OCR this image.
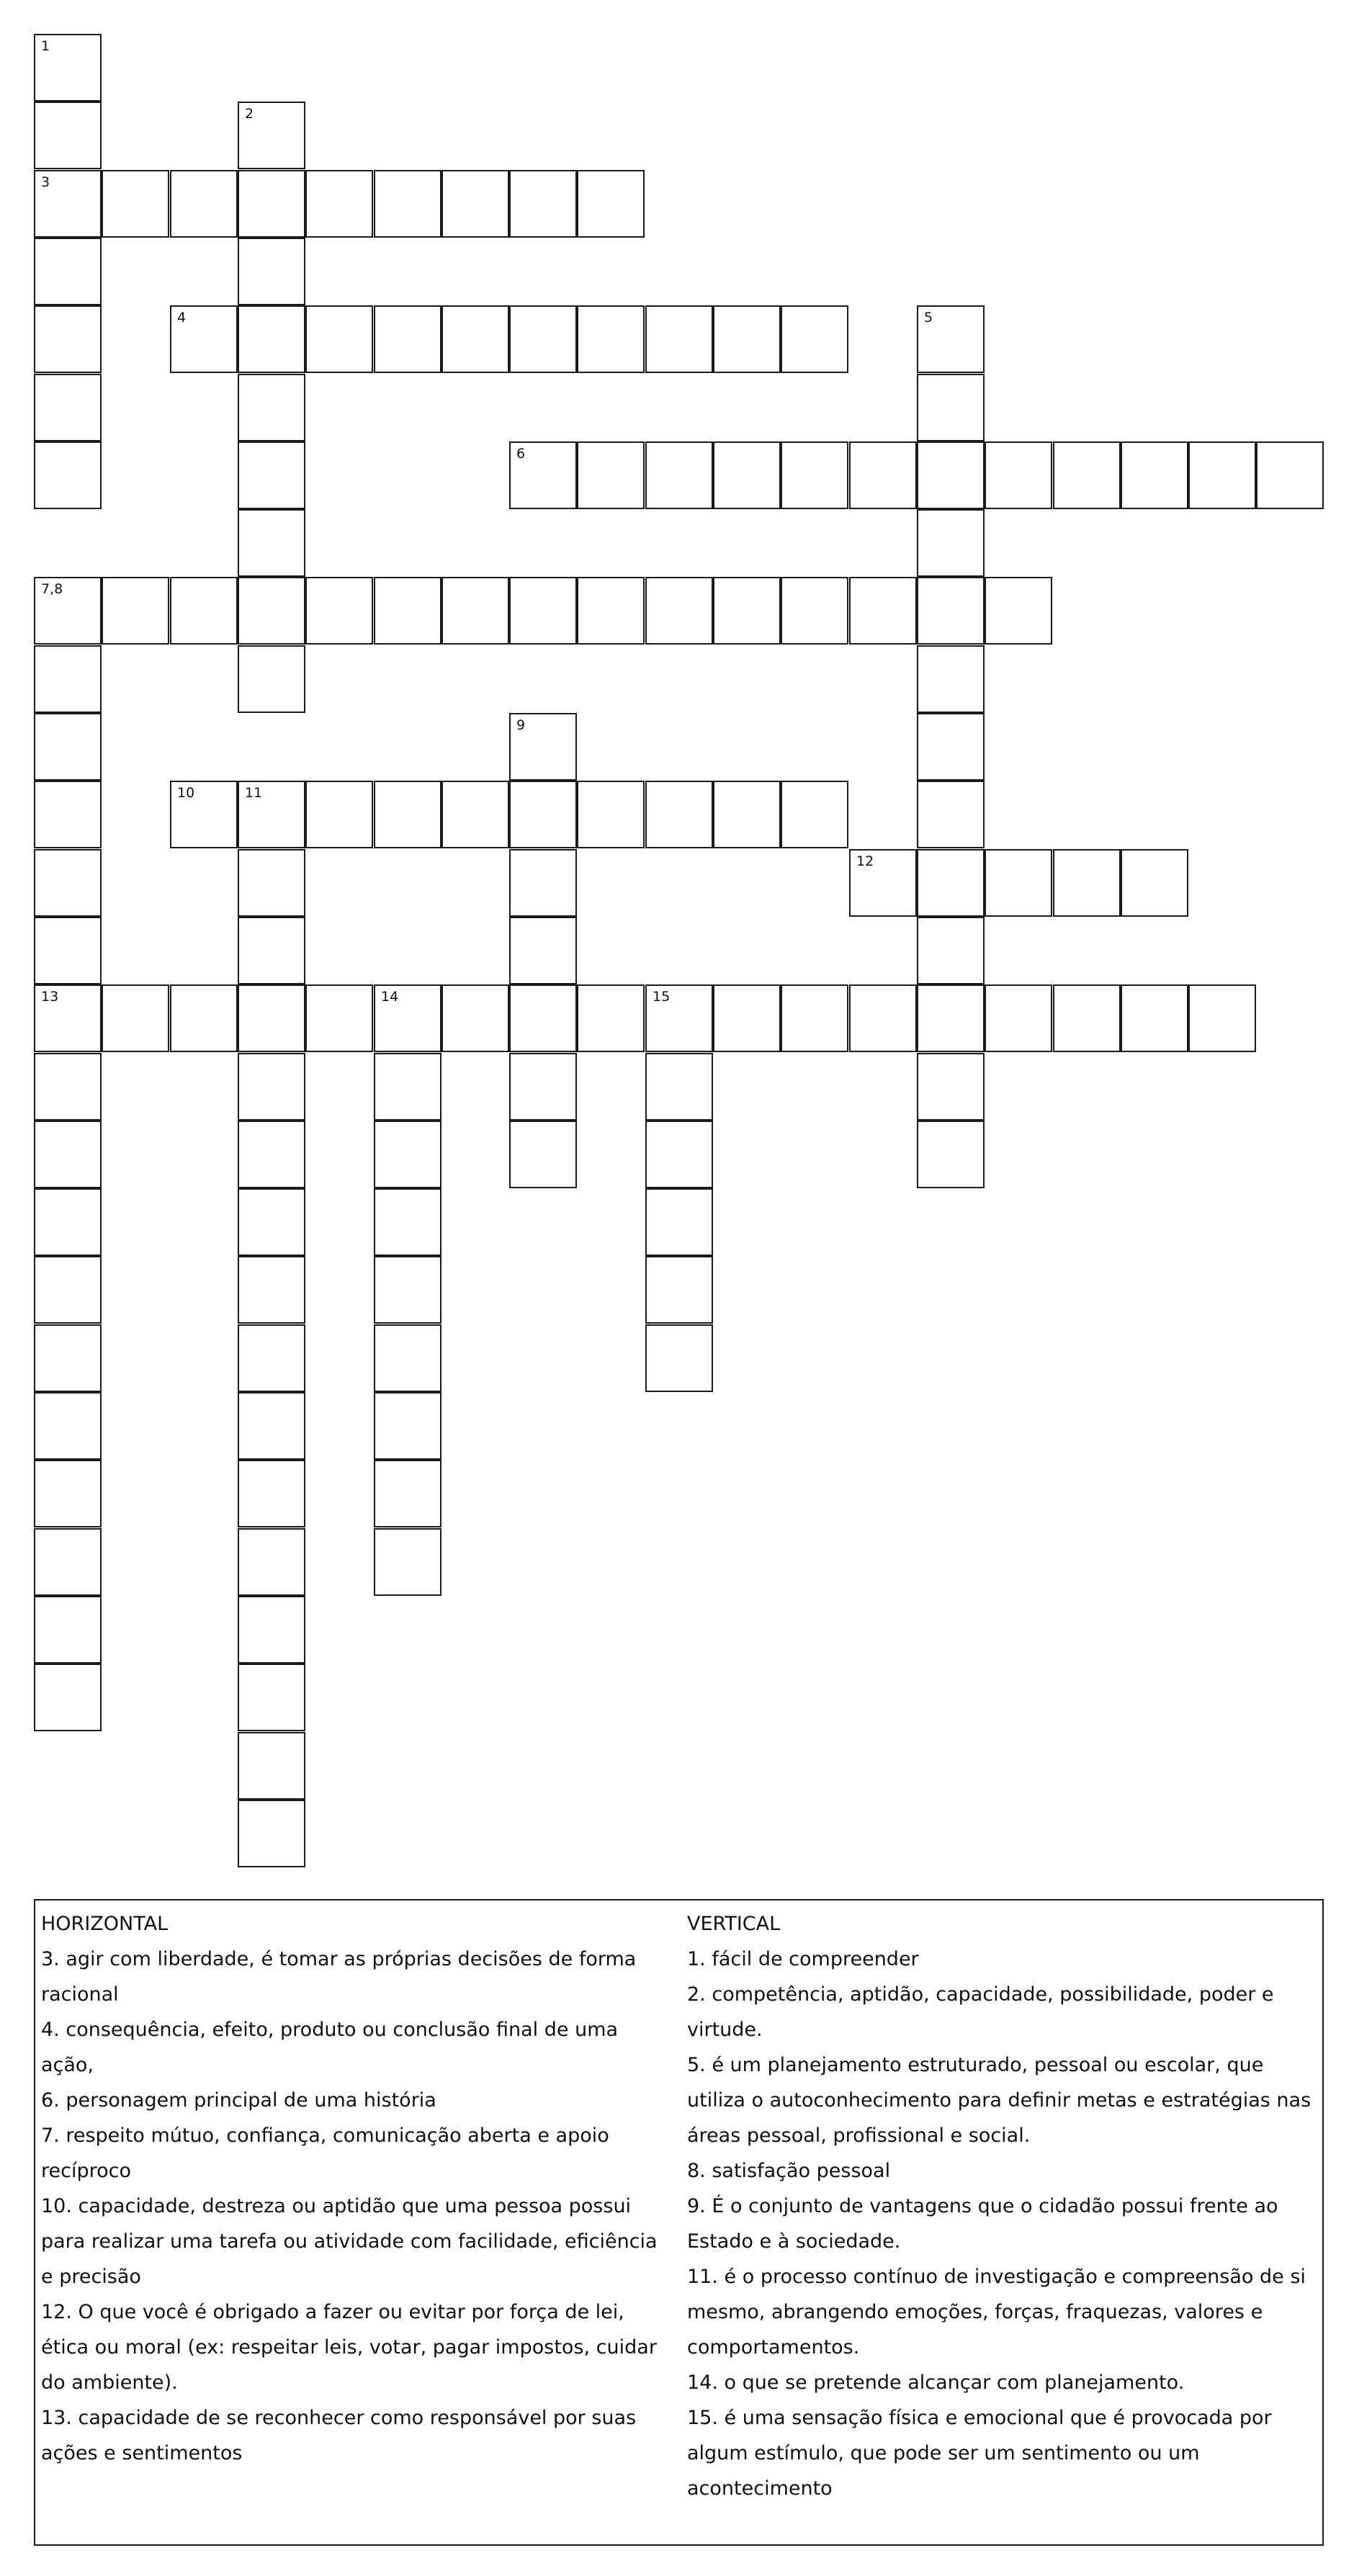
1
3
2
4	5
6
7,8
9
10	11
12
13	14	15

HORIZONTAL

3. agir com liberdade, é tomar as próprias decisões de forma racional

4. consequência, efeito, produto ou conclusão final de uma ação,

6. personagem principal de uma história

7. respeito mútuo, confiança, comunicação aberta e apoio recíproco

10. capacidade, destreza ou aptidão que uma pessoa possui para realizar uma tarefa ou atividade com facilidade, eficiência e precisão

12. O que você é obrigado a fazer ou evitar por força de lei, ética ou moral (ex: respeitar leis, votar, pagar impostos, cuidar do ambiente).

13. capacidade de se reconhecer como responsável por suas ações e sentimentos

VERTICAL

1. fácil de compreender

2. competência, aptidão, capacidade, possibilidade, poder e virtude.

5. é um planejamento estruturado, pessoal ou escolar, que utiliza o autoconhecimento para definir metas e estratégias nas áreas pessoal, profissional e social.

8. satisfação pessoal

9. É o conjunto de vantagens que o cidadão possui frente ao Estado e à sociedade.

11. é o processo contínuo de investigação e compreensão de si mesmo, abrangendo emoções, forças, fraquezas, valores e comportamentos.

14. o que se pretende alcançar com planejamento.

15. é uma sensação física e emocional que é provocada por algum estímulo, que pode ser um sentimento ou um acontecimento
